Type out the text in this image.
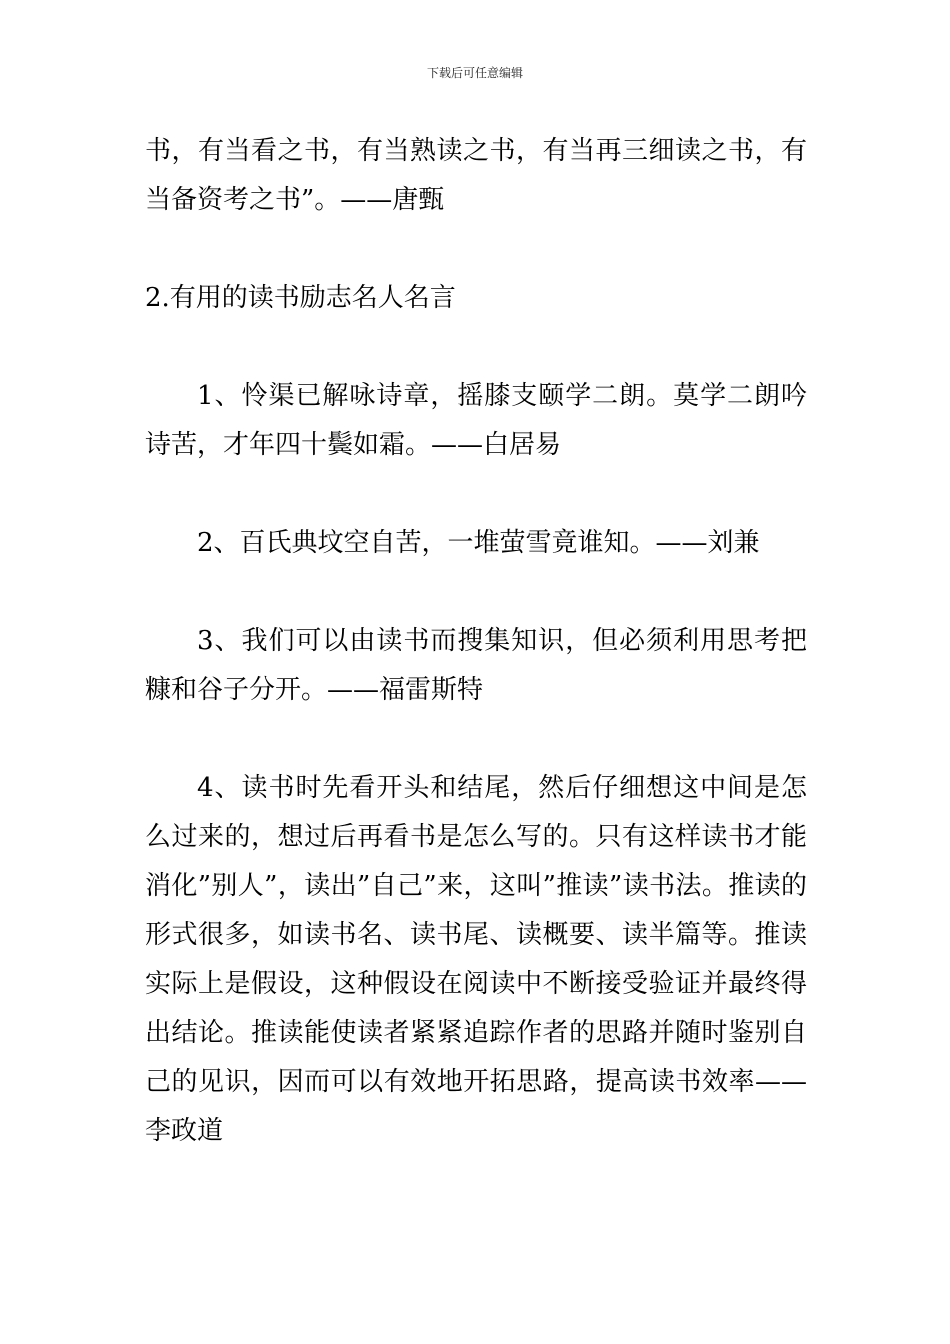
下载后可任意编辑

书，有当看之书，有当熟读之书，有当再三细读之书，有当备资考之书”。——唐甄

2.有用的读书励志名人名言

1、怜渠已解咏诗章，摇膝支颐学二朗。莫学二朗吟诗苦，才年四十鬓如霜。——白居易

2、百氏典坟空自苦，一堆萤雪竟谁知。——刘兼

3、我们可以由读书而搜集知识，但必须利用思考把糠和谷子分开。——福雷斯特

4、读书时先看开头和结尾，然后仔细想这中间是怎么过来的，想过后再看书是怎么写的。只有这样读书才能消化”别人”，读出”自己”来，这叫”推读”读书法。推读的形式很多，如读书名、读书尾、读概要、读半篇等。推读实际上是假设，这种假设在阅读中不断接受验证并最终得出结论。推读能使读者紧紧追踪作者的思路并随时鉴别自己的见识，因而可以有效地开拓思路，提高读书效率——李政道
